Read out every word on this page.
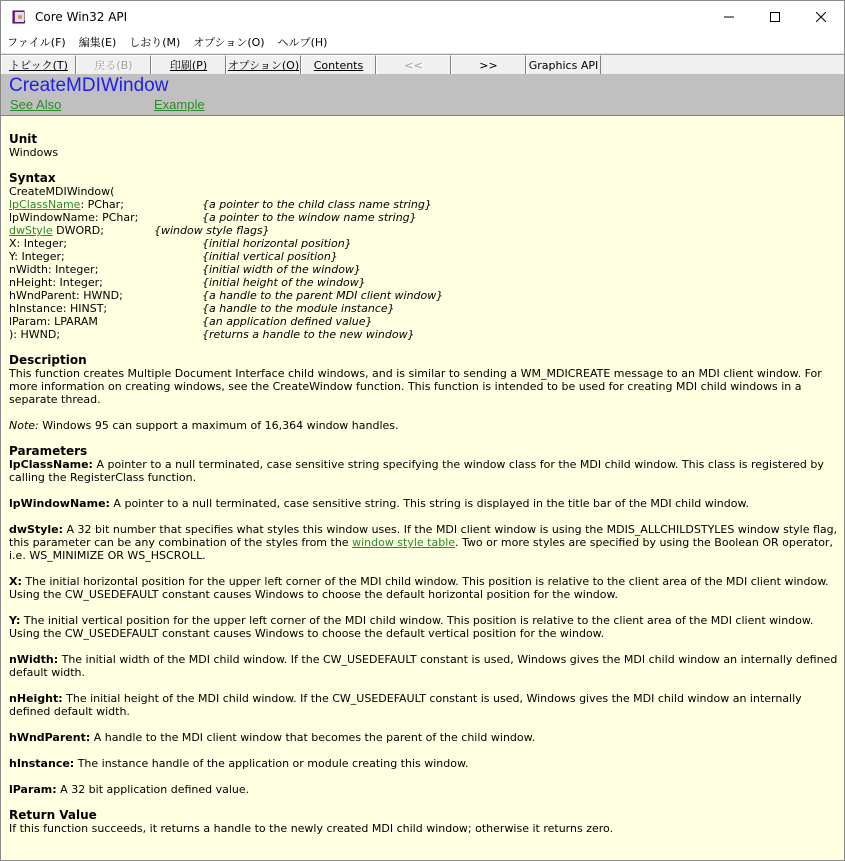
Core Win32 API
ファイル(F)	編集(E)	しおり(M)	オプション(O)	ヘルプ(H)
トピック(T)	戻る(B)	印刷(P)	オプション(O)	Contents	<<	>>	Graphics API
CreateMDIWindow
See Also	Example
Unit
Windows
Syntax
CreateMDIWindow(
lpClassName: PChar;	{a pointer to the child class name string}
lpWindowName: PChar;	{a pointer to the window name string}
dwStyle DWORD;	{window style flags}
X: Integer;	{initial horizontal position}
Y: Integer;	{initial vertical position}
nWidth: Integer;	{initial width of the window}
nHeight: Integer;	{initial height of the window}
hWndParent: HWND;	{a handle to the parent MDI client window}
hInstance: HINST;	{a handle to the module instance}
lParam: LPARAM	{an application defined value}
): HWND;	{returns a handle to the new window}
Description
This function creates Multiple Document Interface child windows, and is similar to sending a WM_MDICREATE message to an MDI client window. For more information on creating windows, see the CreateWindow function. This function is intended to be used for creating MDI child windows in a separate thread.
Note: Windows 95 can support a maximum of 16,364 window handles.
Parameters
lpClassName: A pointer to a null terminated, case sensitive string specifying the window class for the MDI child window. This class is registered by calling the RegisterClass function.
lpWindowName: A pointer to a null terminated, case sensitive string. This string is displayed in the title bar of the MDI child window.
dwStyle: A 32 bit number that specifies what styles this window uses. If the MDI client window is using the MDIS_ALLCHILDSTYLES window style flag, this parameter can be any combination of the styles from the window style table. Two or more styles are specified by using the Boolean OR operator, i.e. WS_MINIMIZE OR WS_HSCROLL.
X: The initial horizontal position for the upper left corner of the MDI child window. This position is relative to the client area of the MDI client window. Using the CW_USEDEFAULT constant causes Windows to choose the default horizontal position for the window.
Y: The initial vertical position for the upper left corner of the MDI child window. This position is relative to the client area of the MDI client window. Using the CW_USEDEFAULT constant causes Windows to choose the default vertical position for the window.
nWidth: The initial width of the MDI child window. If the CW_USEDEFAULT constant is used, Windows gives the MDI child window an internally defined default width.
nHeight: The initial height of the MDI child window. If the CW_USEDEFAULT constant is used, Windows gives the MDI child window an internally defined default width.
hWndParent: A handle to the MDI client window that becomes the parent of the child window.
hInstance: The instance handle of the application or module creating this window.
lParam: A 32 bit application defined value.
Return Value
If this function succeeds, it returns a handle to the newly created MDI child window; otherwise it returns zero.
